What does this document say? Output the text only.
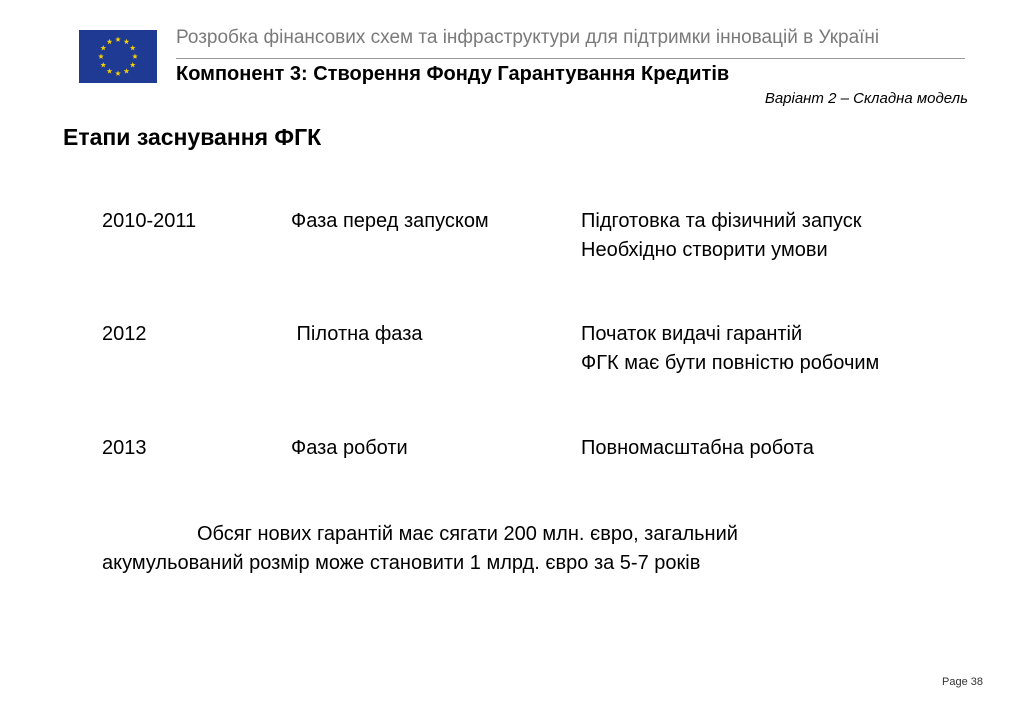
Розробка фінансових схем та інфраструктури для підтримки інновацій в Україні
Компонент 3: Створення Фонду Гарантування Кредитів
Варіант 2 – Складна модель
Етапи заснування ФГК
2010-2011	Фаза перед запуском	Підготовка та фізичний запуск
Необхідно створити умови
2012	Пілотна фаза	Початок видачі гарантій
ФГК має бути повністю робочим
2013	Фаза роботи	Повномасштабна робота
Обсяг нових гарантій має сягати 200 млн. євро, загальний
акумульований розмір може становити 1 млрд. євро за 5-7 років
Page 38
